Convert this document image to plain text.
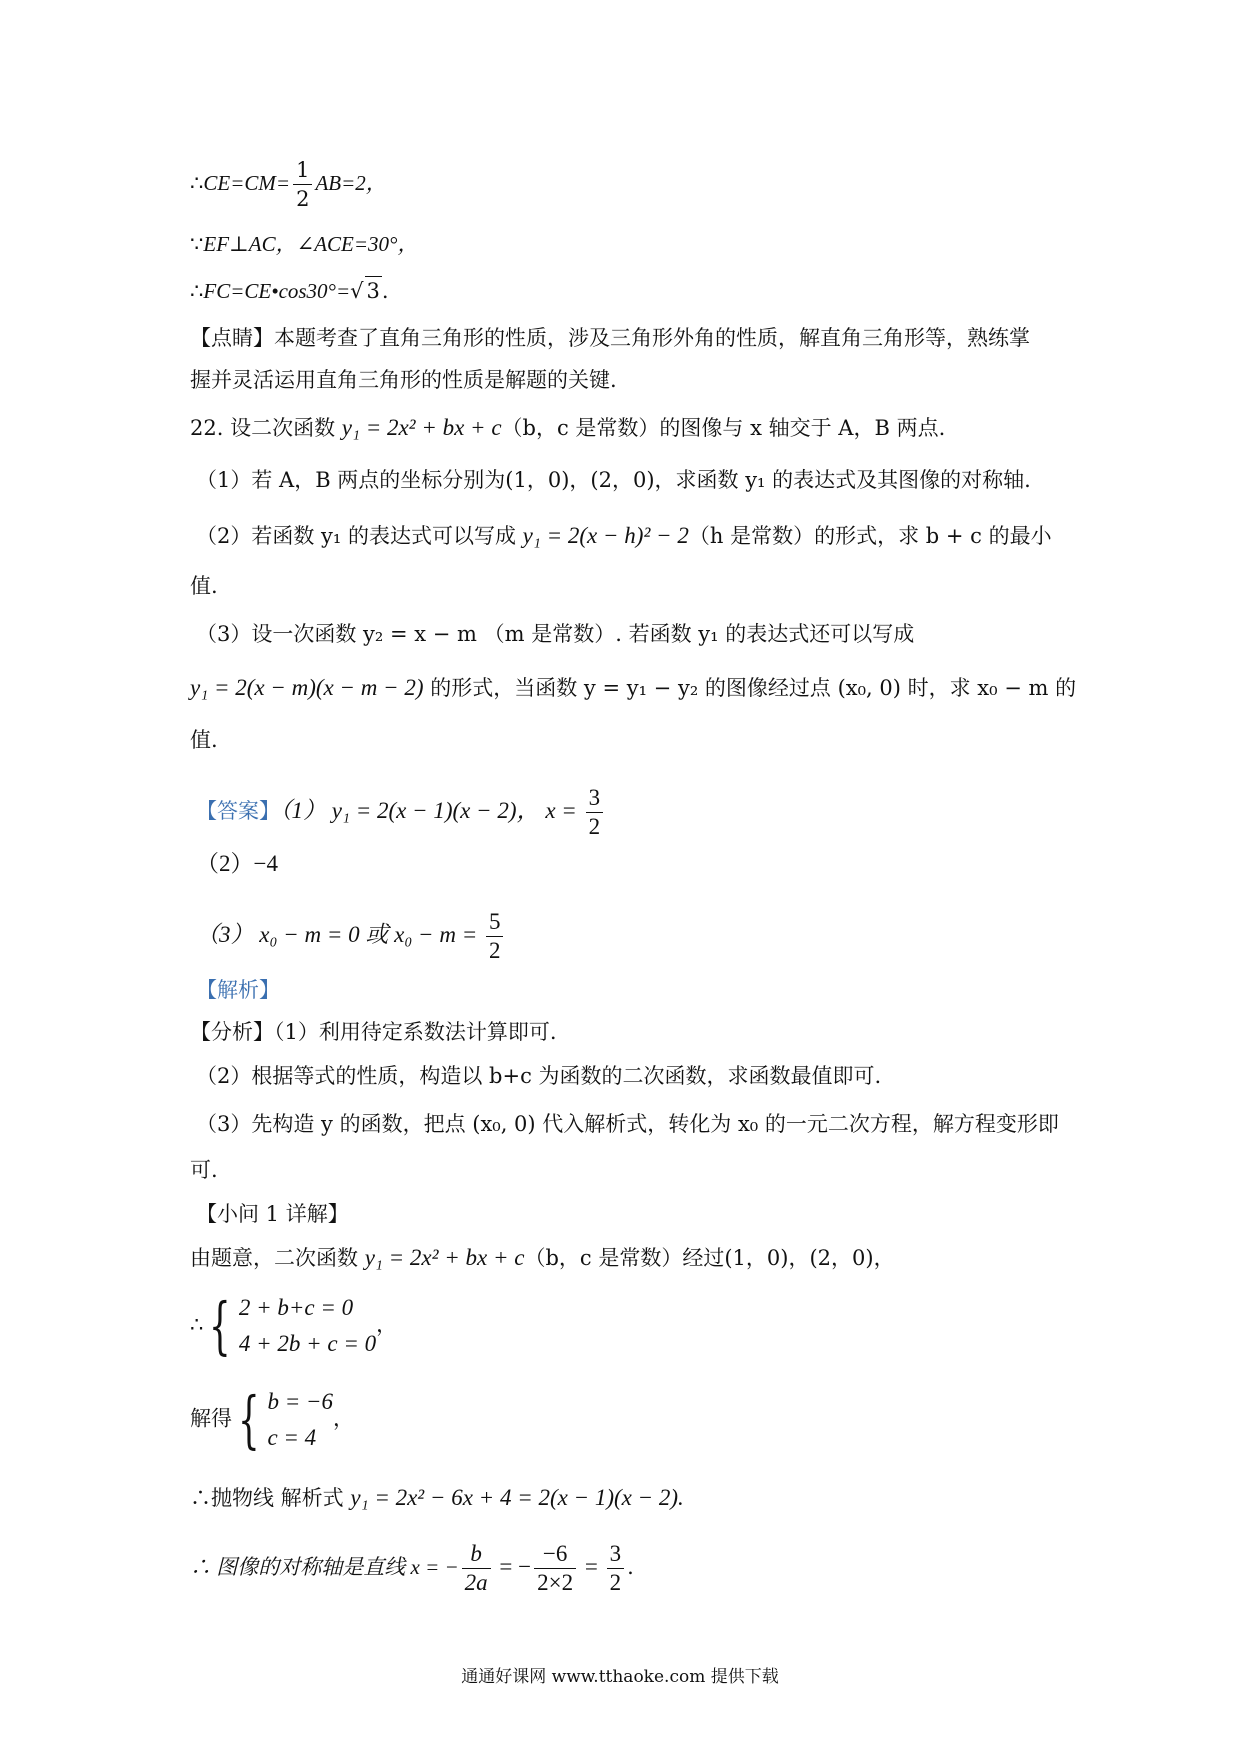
∴CE=CM= $\frac{1}{2} AB=2$，
∵EF⊥AC，∠ACE=30°，
∴FC=CE•cos30°=√ 3.
【点睛】本题考查了直角三角形的性质，涉及三角形外角的性质，解直角三角形等，熟练掌
握并灵活运用直角三角形的性质是解题的关键.
22. 设二次函数 y₁ = 2x² + bx + c（b，c 是常数）的图像与 x 轴交于 A，B 两点.
（1）若 A，B 两点的坐标分别为(1，0)，(2，0)，求函数 y₁ 的表达式及其图像的对称轴.
（2）若函数 y₁ 的表达式可以写成 y₁ = 2(x − h)² − 2（h 是常数）的形式，求 b + c 的最小
值.
（3）设一次函数 y₂ = x − m （m 是常数）. 若函数 y₁ 的表达式还可以写成
y₁ = 2(x − m)(x − m − 2) 的形式，当函数 y = y₁ − y₂ 的图像经过点 (x₀, 0) 时，求 x₀ − m 的
值.
【答案】（1） y₁ = 2(x − 1)(x − 2)， $x = \frac{3}{2}$
（2）−4
（3） x₀ − m = 0 或 $x_0 - m = \frac{5}{2}$
【解析】
【分析】（1）利用待定系数法计算即可.
（2）根据等式的性质，构造以 b+c 为函数的二次函数，求函数最值即可.
（3）先构造 y 的函数，把点 (x₀, 0) 代入解析式，转化为 x₀ 的一元二次方程，解方程变形即
可.
【小问 1 详解】
由题意，二次函数 y₁ = 2x² + bx + c（b，c 是常数）经过(1，0)，(2，0)，
∴{ 2 + b+c = 0
4 + 2b + c = 0
，
解得{ b = −6
c = 4
，
∴抛物线 解析式 y₁ = 2x² − 6x + 4 = 2(x − 1)(x − 2).
∴ 图像的对称轴是直线 x = − $\frac{b}{2a}$ = − $\frac{-6}{2\times 2} = \frac{3}{2}$ .
通通好课网 www.tthaoke.com 提供下载
